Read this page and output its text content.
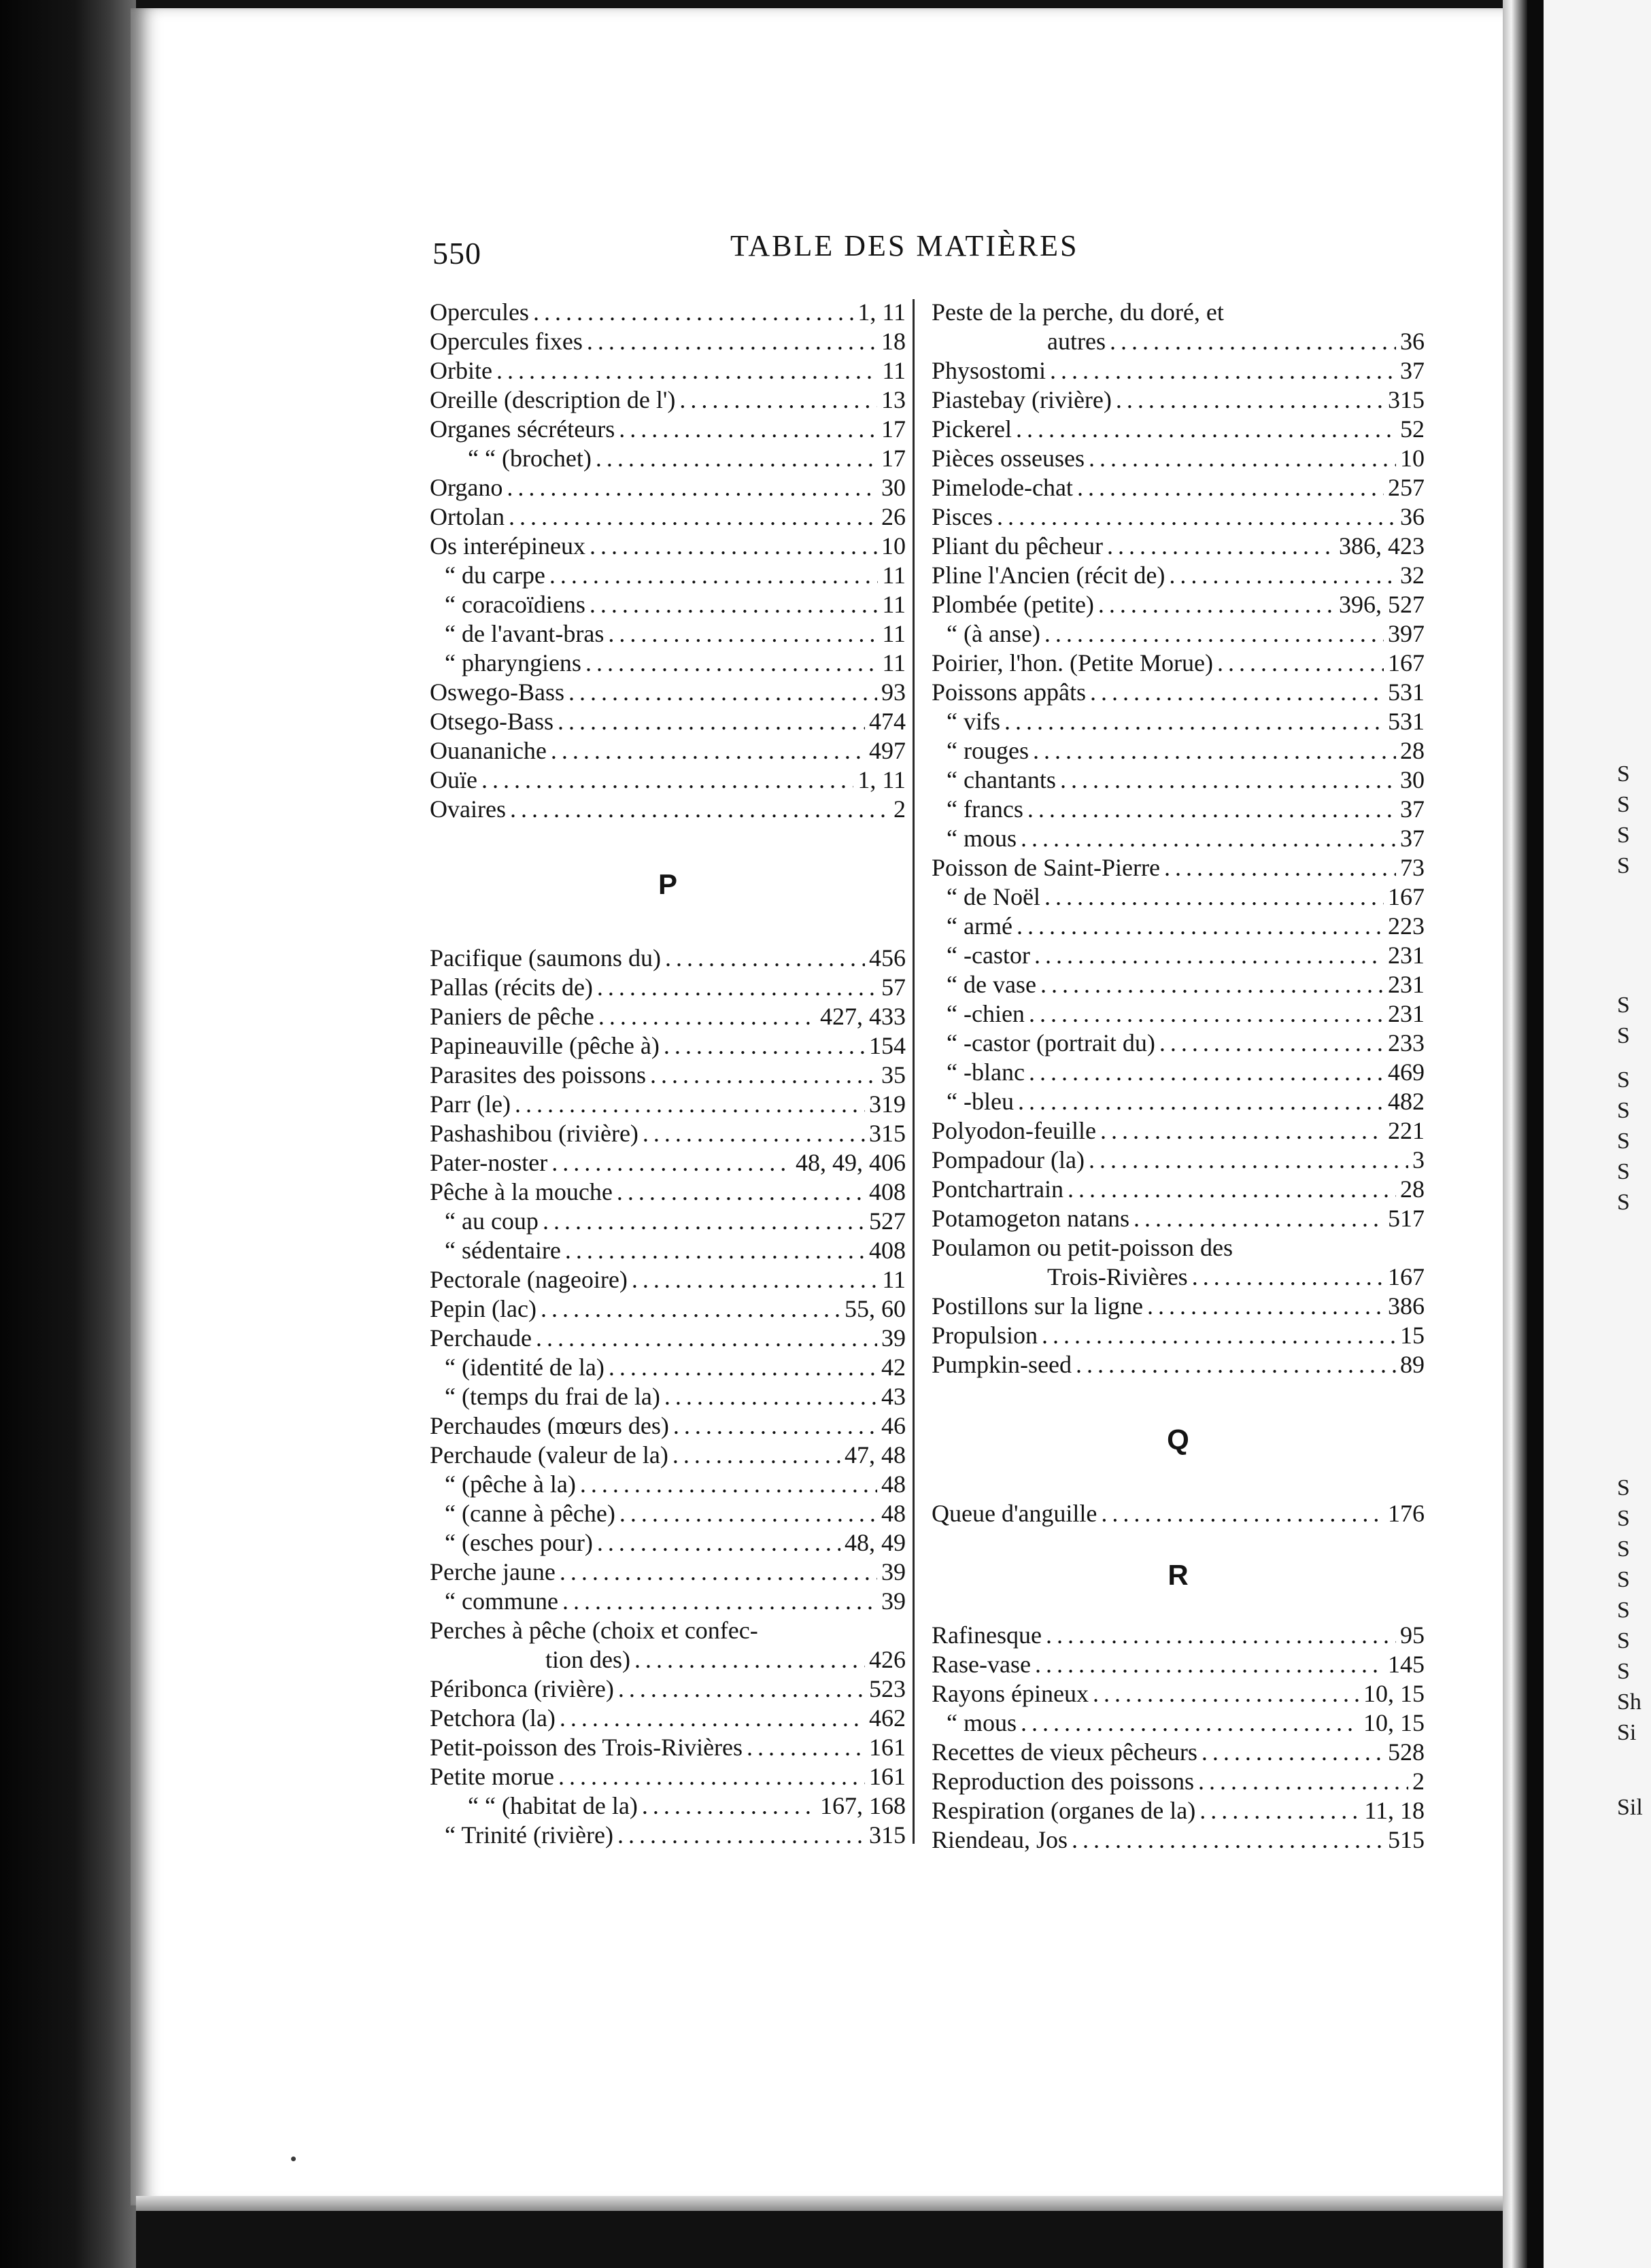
S
S
S
S
S
S
S
S
S
S
S
S
S
S
S
S
S
S
Sh
Si
Sil
550	TABLE DES MATIÈRES
Opercules .....	1, 11
Opercules fixes .....	18
Orbite .....	11
Oreille (description de l') .....	13
Organes sécréteurs .....	17
“ “ (brochet) .....	17
Organo .....	30
Ortolan .....	26
Os interépineux .....	10
“ du carpe .....	11
“ coracoïdiens .....	11
“ de l'avant-bras .....	11
“ pharyngiens .....	11
Oswego-Bass .....	93
Otsego-Bass .....	474
Ouananiche .....	497
Ouïe .....	1, 11
Ovaires .....	2
P
Pacifique (saumons du) .....	456
Pallas (récits de) .....	57
Paniers de pêche .....	427, 433
Papineauville (pêche à) .....	154
Parasites des poissons .....	35
Parr (le) .....	319
Pashashibou (rivière) .....	315
Pater-noster .....	48, 49, 406
Pêche à la mouche .....	408
“ au coup .....	527
“ sédentaire .....	408
Pectorale (nageoire) .....	11
Pepin (lac) .....	55, 60
Perchaude .....	39
“ (identité de la) .....	42
“ (temps du frai de la) .....	43
Perchaudes (mœurs des) .....	46
Perchaude (valeur de la) .....	47, 48
“ (pêche à la) .....	48
“ (canne à pêche) .....	48
“ (esches pour) .....	48, 49
Perche jaune .....	39
“ commune .....	39
Perches à pêche (choix et confec-
tion des) .....	426
Péribonca (rivière) .....	523
Petchora (la) .....	462
Petit-poisson des Trois-Rivières .....	161
Petite morue .....	161
“ “ (habitat de la) .....	167, 168
“ Trinité (rivière) .....	315
Peste de la perche, du doré, et
autres .....	36
Physostomi .....	37
Piastebay (rivière) .....	315
Pickerel .....	52
Pièces osseuses .....	10
Pimelode-chat .....	257
Pisces .....	36
Pliant du pêcheur .....	386, 423
Pline l'Ancien (récit de) .....	32
Plombée (petite) .....	396, 527
“ (à anse) .....	397
Poirier, l'hon. (Petite Morue) .....	167
Poissons appâts .....	531
“ vifs .....	531
“ rouges .....	28
“ chantants .....	30
“ francs .....	37
“ mous .....	37
Poisson de Saint-Pierre .....	73
“ de Noël .....	167
“ armé .....	223
“ -castor .....	231
“ de vase .....	231
“ -chien .....	231
“ -castor (portrait du) .....	233
“ -blanc .....	469
“ -bleu .....	482
Polyodon-feuille .....	221
Pompadour (la) .....	3
Pontchartrain .....	28
Potamogeton natans .....	517
Poulamon ou petit-poisson des
Trois-Rivières .....	167
Postillons sur la ligne .....	386
Propulsion .....	15
Pumpkin-seed .....	89
Q
Queue d'anguille .....	176
R
Rafinesque .....	95
Rase-vase .....	145
Rayons épineux .....	10, 15
“ mous .....	10, 15
Recettes de vieux pêcheurs .....	528
Reproduction des poissons .....	2
Respiration (organes de la) .....	11, 18
Riendeau, Jos .....	515
